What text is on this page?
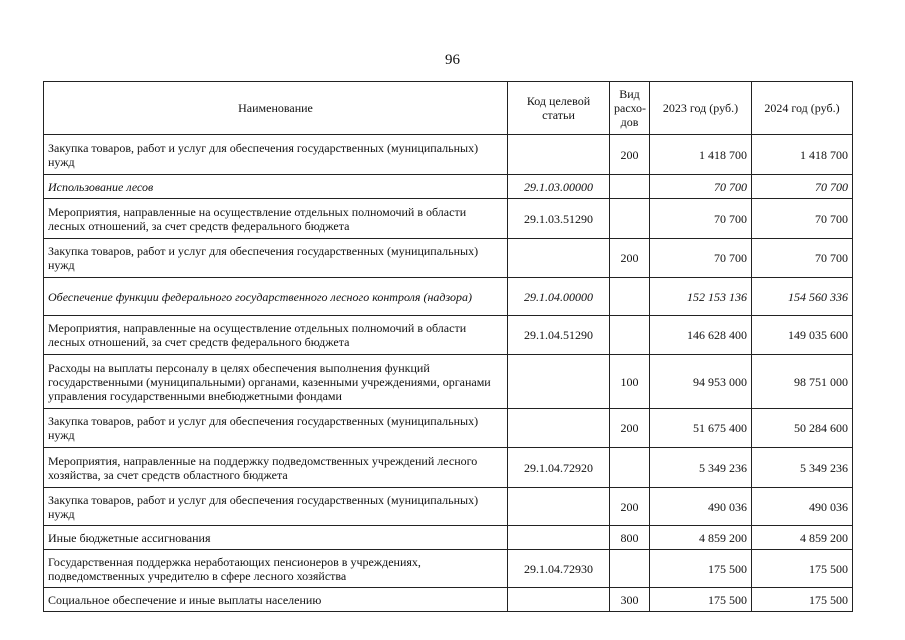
96
Наименование	Код целевой статьи	Вид расхо-дов	2023 год (руб.)	2024 год (руб.)
Закупка товаров, работ и услуг для обеспечения государственных (муниципальных) нужд		200	1 418 700	1 418 700
Использование лесов	29.1.03.00000		70 700	70 700
Мероприятия, направленные на осуществление отдельных полномочий в области лесных отношений, за счет средств федерального бюджета	29.1.03.51290		70 700	70 700
Закупка товаров, работ и услуг для обеспечения государственных (муниципальных) нужд		200	70 700	70 700
Обеспечение функции федерального государственного лесного контроля (надзора)	29.1.04.00000		152 153 136	154 560 336
Мероприятия, направленные на осуществление отдельных полномочий в области лесных отношений, за счет средств федерального бюджета	29.1.04.51290		146 628 400	149 035 600
Расходы на выплаты персоналу в целях обеспечения выполнения функций государственными (муниципальными) органами, казенными учреждениями, органами управления государственными внебюджетными фондами		100	94 953 000	98 751 000
Закупка товаров, работ и услуг для обеспечения государственных (муниципальных) нужд		200	51 675 400	50 284 600
Мероприятия, направленные на поддержку подведомственных учреждений лесного хозяйства, за счет средств областного бюджета	29.1.04.72920		5 349 236	5 349 236
Закупка товаров, работ и услуг для обеспечения государственных (муниципальных) нужд		200	490 036	490 036
Иные бюджетные ассигнования		800	4 859 200	4 859 200
Государственная поддержка неработающих пенсионеров в учреждениях, подведомственных учредителю в сфере лесного хозяйства	29.1.04.72930		175 500	175 500
Социальное обеспечение и иные выплаты населению		300	175 500	175 500
